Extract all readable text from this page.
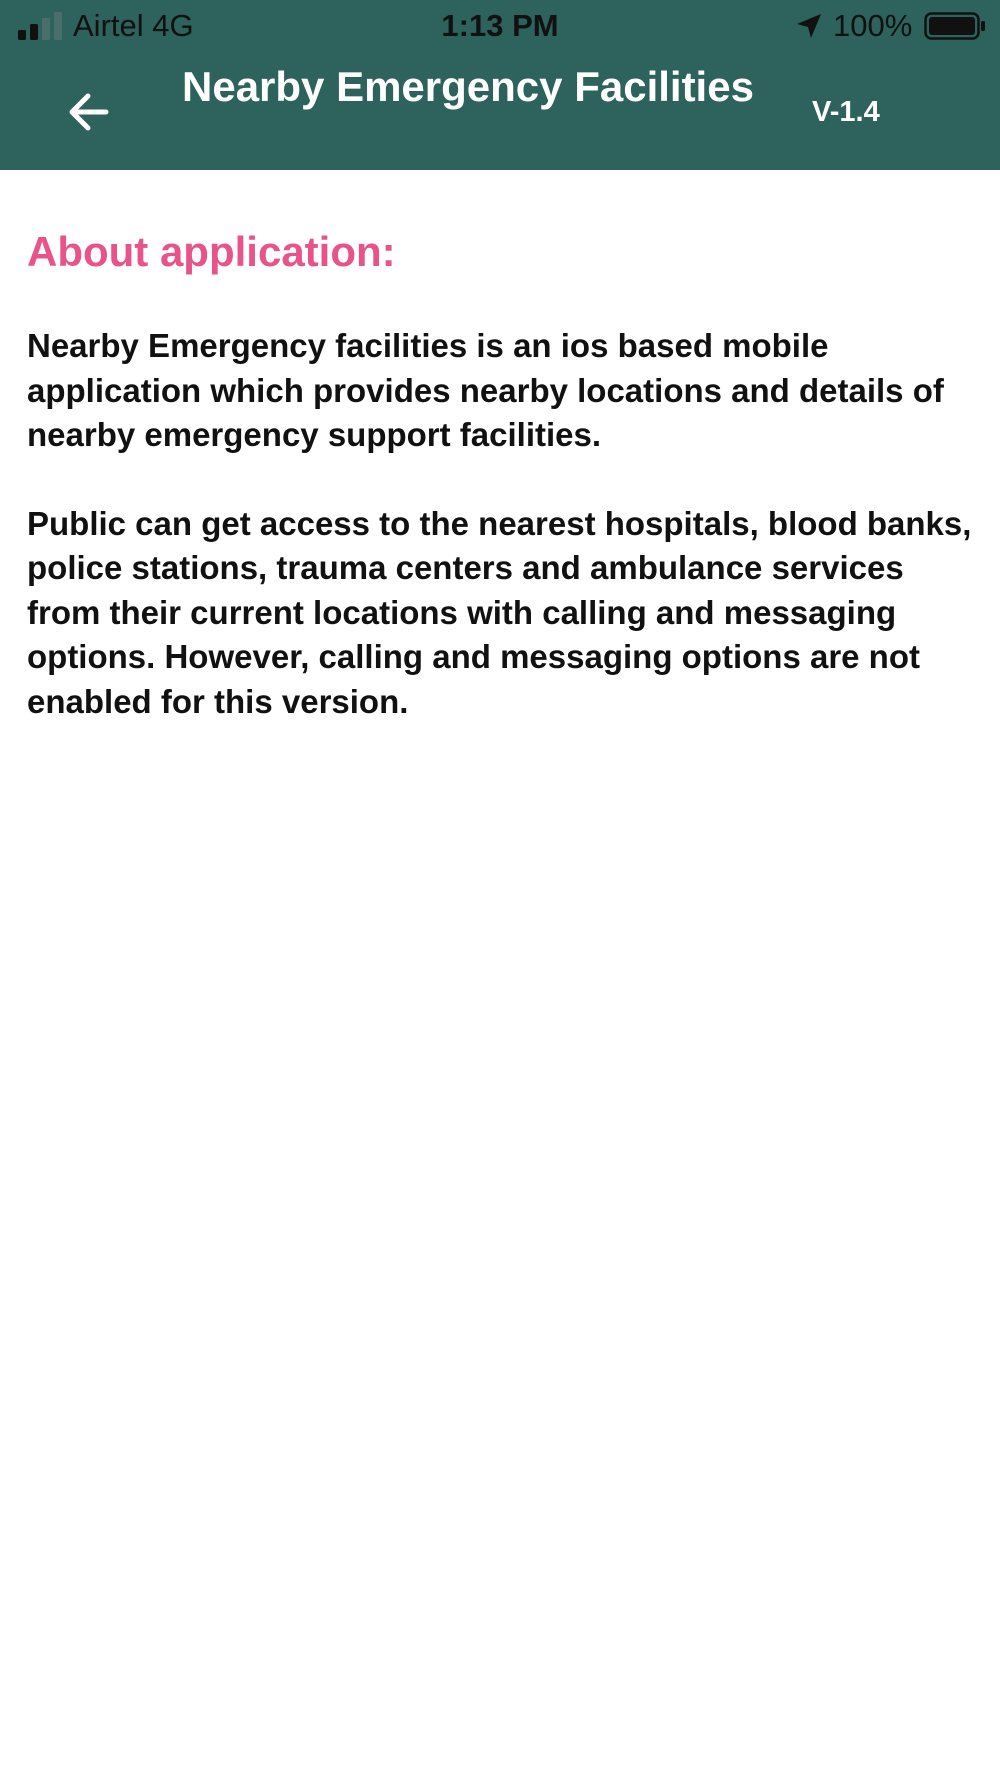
Airtel 4G	1:13 PM	100%
Nearby Emergency Facilities
V-1.4
About application:

Nearby Emergency facilities is an ios based mobile application which provides nearby locations and details of nearby emergency support facilities.

Public can get access to the nearest hospitals, blood banks, police stations, trauma centers and ambulance services from their current locations with calling and messaging options. However, calling and messaging options are not enabled for this version.
